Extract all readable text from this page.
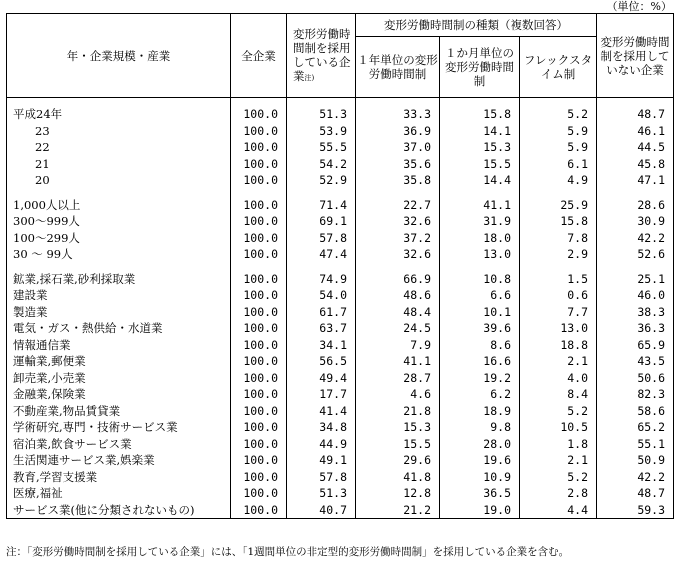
（単位：%）
年・企業規模・産業	全企業	変形労働時間制を採用している企業注)	変形労働時間制の種類（複数回答）			変形労働時間制を採用していない企業
			１年単位の変形労働時間制	１か月単位の変形労働時間制	フレックスタイム制	

平成24年	100.0	51.3	33.3	15.8	5.2	48.7
23	100.0	53.9	36.9	14.1	5.9	46.1
22	100.0	55.5	37.0	15.3	5.9	44.5
21	100.0	54.2	35.6	15.5	6.1	45.8
20	100.0	52.9	35.8	14.4	4.9	47.1

1,000人以上	100.0	71.4	22.7	41.1	25.9	28.6
300～999人	100.0	69.1	32.6	31.9	15.8	30.9
100～299人	100.0	57.8	37.2	18.0	7.8	42.2
30 ～ 99人	100.0	47.4	32.6	13.0	2.9	52.6

鉱業,採石業,砂利採取業	100.0	74.9	66.9	10.8	1.5	25.1
建設業	100.0	54.0	48.6	6.6	0.6	46.0
製造業	100.0	61.7	48.4	10.1	7.7	38.3
電気・ガス・熱供給・水道業	100.0	63.7	24.5	39.6	13.0	36.3
情報通信業	100.0	34.1	7.9	8.6	18.8	65.9
運輸業,郵便業	100.0	56.5	41.1	16.6	2.1	43.5
卸売業,小売業	100.0	49.4	28.7	19.2	4.0	50.6
金融業,保険業	100.0	17.7	4.6	6.2	8.4	82.3
不動産業,物品賃貸業	100.0	41.4	21.8	18.9	5.2	58.6
学術研究,専門・技術サービス業	100.0	34.8	15.3	9.8	10.5	65.2
宿泊業,飲食サービス業	100.0	44.9	15.5	28.0	1.8	55.1
生活関連サービス業,娯楽業	100.0	49.1	29.6	19.6	2.1	50.9
教育,学習支援業	100.0	57.8	41.8	10.9	5.2	42.2
医療,福祉	100.0	51.3	12.8	36.5	2.8	48.7
サービス業(他に分類されないもの)	100.0	40.7	21.2	19.0	4.4	59.3
注：「変形労働時間制を採用している企業」には、「1週間単位の非定型的変形労働時間制」を採用している企業を含む。
